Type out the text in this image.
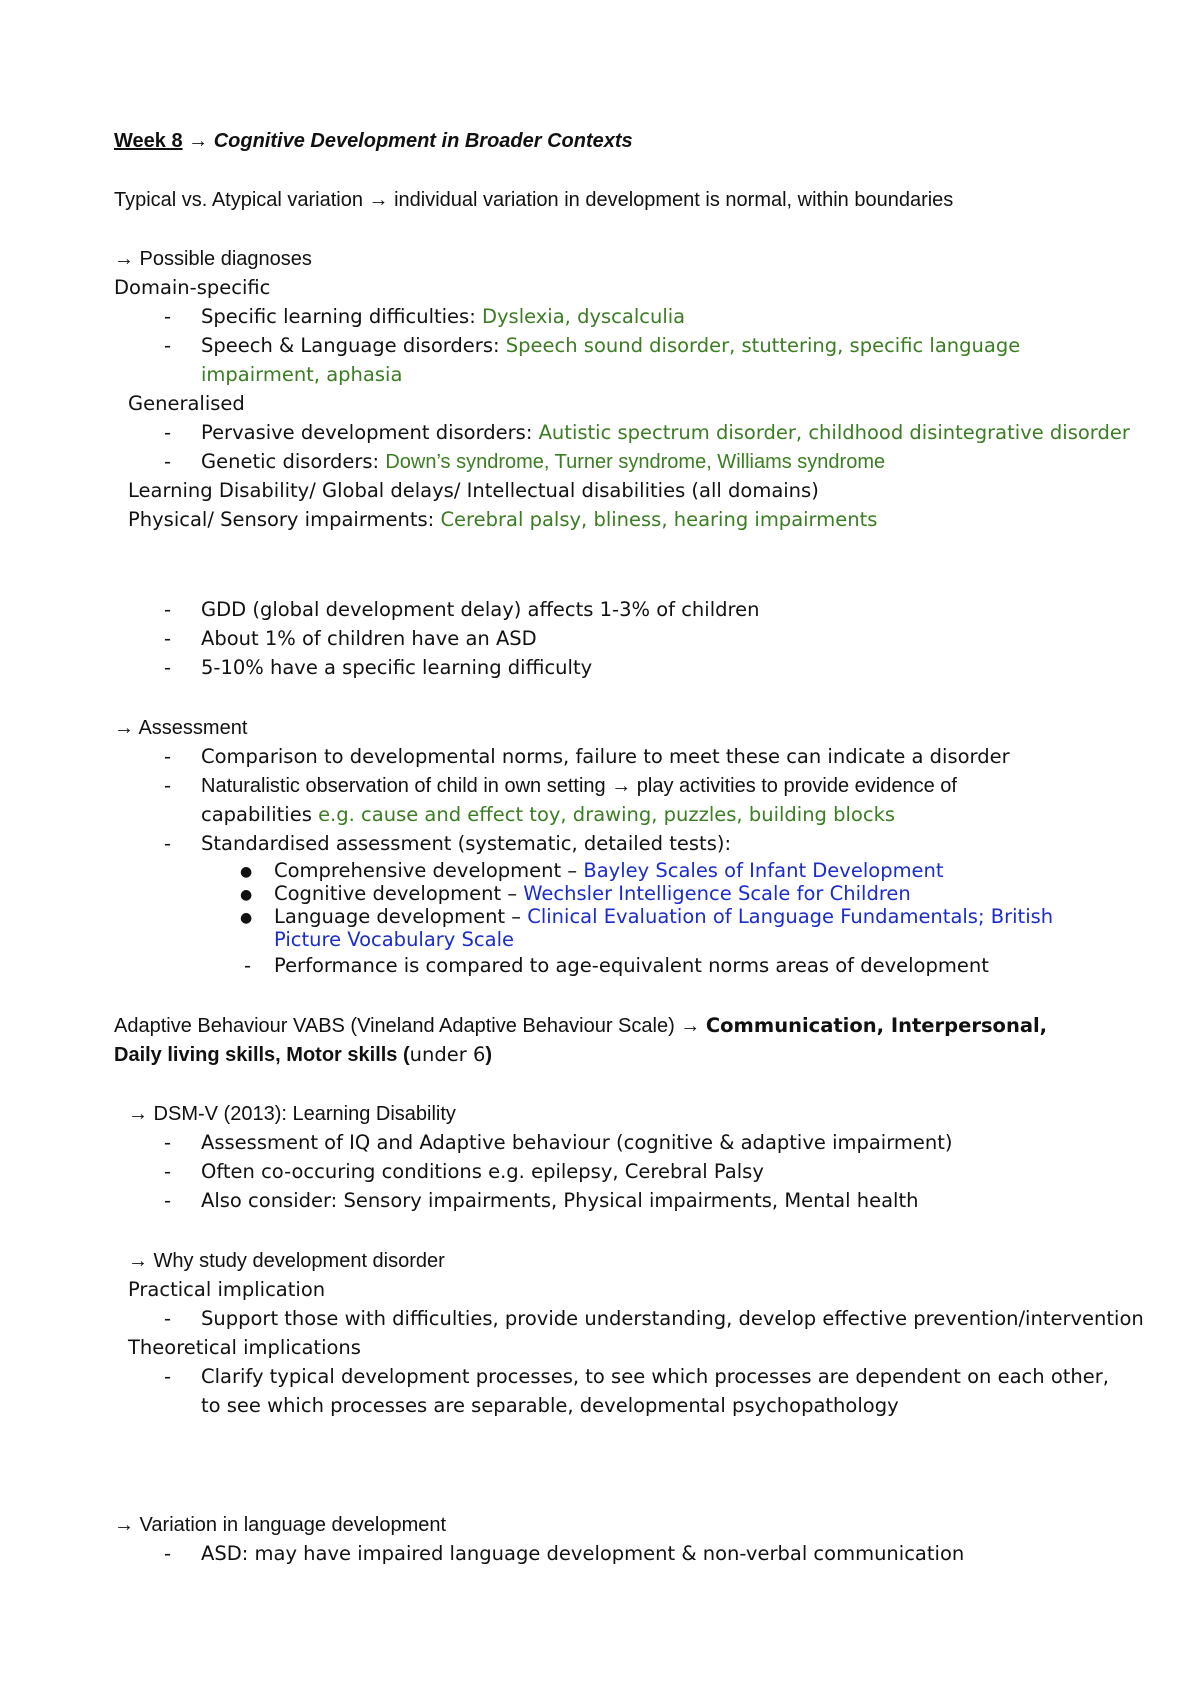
Week 8 → Cognitive Development in Broader Contexts
Typical vs. Atypical variation → individual variation in development is normal, within boundaries
→ Possible diagnoses
Domain-specific
- Specific learning difficulties: Dyslexia, dyscalculia
- Speech & Language disorders: Speech sound disorder, stuttering, specific language
impairment, aphasia
Generalised
- Pervasive development disorders: Autistic spectrum disorder, childhood disintegrative disorder
- Genetic disorders: Down’s syndrome, Turner syndrome, Williams syndrome
Learning Disability/ Global delays/ Intellectual disabilities (all domains)
Physical/ Sensory impairments: Cerebral palsy, bliness, hearing impairments
- GDD (global development delay) affects 1-3% of children
- About 1% of children have an ASD
- 5-10% have a specific learning difficulty
→ Assessment
- Comparison to developmental norms, failure to meet these can indicate a disorder
- Naturalistic observation of child in own setting → play activities to provide evidence of
capabilities e.g. cause and effect toy, drawing, puzzles, building blocks
- Standardised assessment (systematic, detailed tests):
● Comprehensive development – Bayley Scales of Infant Development
● Cognitive development – Wechsler Intelligence Scale for Children
● Language development – Clinical Evaluation of Language Fundamentals; British
Picture Vocabulary Scale
- Performance is compared to age-equivalent norms areas of development
Adaptive Behaviour VABS (Vineland Adaptive Behaviour Scale) → Communication, Interpersonal,
Daily living skills, Motor skills (under 6)
→ DSM-V (2013): Learning Disability
- Assessment of IQ and Adaptive behaviour (cognitive & adaptive impairment)
- Often co-occuring conditions e.g. epilepsy, Cerebral Palsy
- Also consider: Sensory impairments, Physical impairments, Mental health
→ Why study development disorder
Practical implication
- Support those with difficulties, provide understanding, develop effective prevention/intervention
Theoretical implications
- Clarify typical development processes, to see which processes are dependent on each other,
to see which processes are separable, developmental psychopathology
→ Variation in language development
- ASD: may have impaired language development & non-verbal communication
